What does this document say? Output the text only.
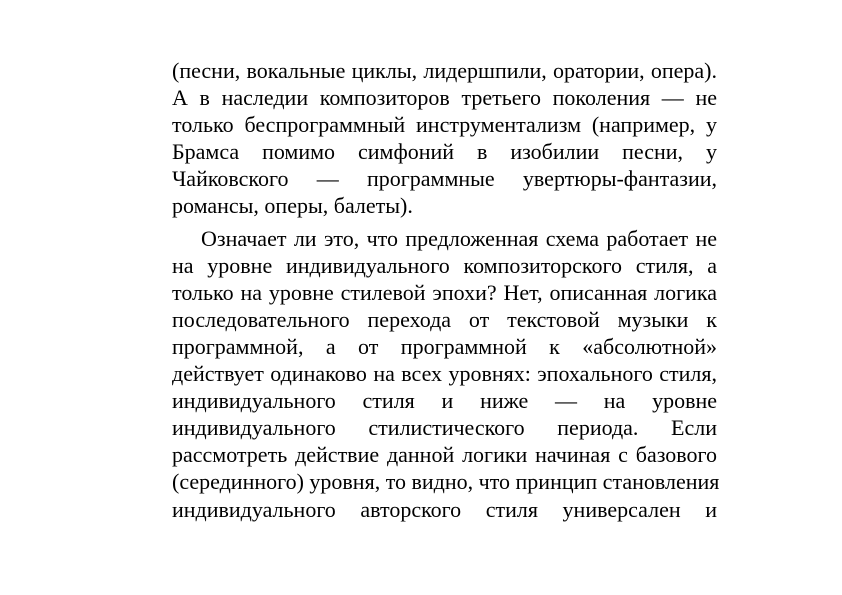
(песни, вокальные циклы, лидершпили, оратории, опера).
А в наследии композиторов третьего поколения — не
только беспрограммный инструментализм (например, у
Брамса помимо симфоний в изобилии песни, у
Чайковского — программные увертюры-фантазии,
романсы, оперы, балеты).

Означает ли это, что предложенная схема работает не
на уровне индивидуального композиторского стиля, а
только на уровне стилевой эпохи? Нет, описанная логика
последовательного перехода от текстовой музыки к
программной, а от программной к «абсолютной»
действует одинаково на всех уровнях: эпохального стиля,
индивидуального стиля и ниже — на уровне
индивидуального стилистического периода. Если
рассмотреть действие данной логики начиная с базового
(серединного) уровня, то видно, что принцип становления
индивидуального авторского стиля универсален и
